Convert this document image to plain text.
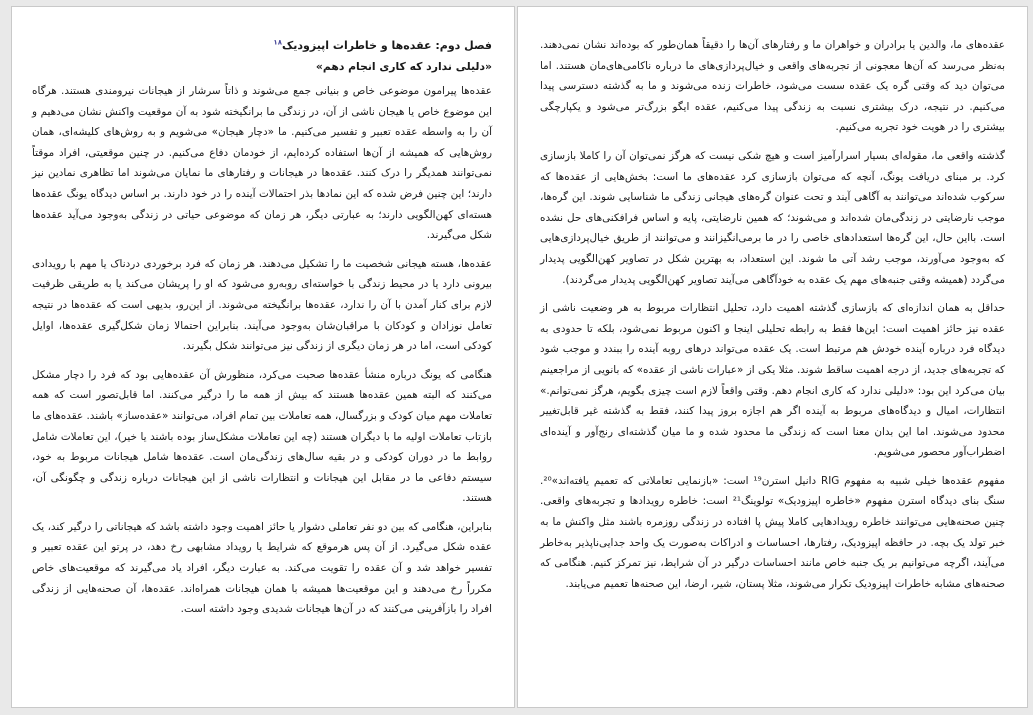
فصل دوم: عقده‌ها و خاطرات اپیزودیک$^{۱۸}$
«دلیلی ندارد که کاری انجام دهم»

عقده‌ها پیرامون موضوعی خاص و بنیانی جمع می‌شوند و ذاتاً سرشار از هیجانات نیرومندی هستند. هرگاه این موضوع خاص یا هیجان ناشی از آن، در زندگی ما برانگیخته شود به آن موقعیت واکنش نشان می‌دهیم و آن را به واسطه عقده تعبیر و تفسیر می‌کنیم. ما «دچار هیجان» می‌شویم و به روش‌های کلیشه‌ای، همان روش‌هایی که همیشه از آن‌ها استفاده کرده‌ایم، از خودمان دفاع می‌کنیم. در چنین موقعیتی، افراد موقتاً نمی‌توانند همدیگر را درک کنند. عقده‌ها در هیجانات و رفتارهای ما نمایان می‌شوند اما تظاهری نمادین نیز دارند؛ این چنین فرض شده که این نمادها بذر احتمالات آینده را در خود دارند. بر اساس دیدگاه یونگ عقده‌ها هسته‌ای کهن‌الگویی دارند؛ به عبارتی دیگر، هر زمان که موضوعی حیاتی در زندگی به‌وجود می‌آید عقده‌ها شکل می‌گیرند.

عقده‌ها، هسته هیجانی شخصیت ما را تشکیل می‌دهند. هر زمان که فرد برخوردی دردناک یا مهم با رویدادی بیرونی دارد یا در محیط زندگی با خواسته‌ای روبه‌رو می‌شود که او را پریشان می‌کند یا به طریقی ظرفیت لازم برای کنار آمدن با آن را ندارد، عقده‌ها برانگیخته می‌شوند. از این‌رو، بدیهی است که عقده‌ها در نتیجه تعامل نوزادان و کودکان با مراقبان‌شان به‌وجود می‌آیند. بنابراین احتمالا زمان شکل‌گیری عقده‌ها، اوایل کودکی است، اما در هر زمان دیگری از زندگی نیز می‌توانند شکل بگیرند.

هنگامی که یونگ درباره منشأ عقده‌ها صحبت می‌کرد، منظورش آن عقده‌هایی بود که فرد را دچار مشکل می‌کنند که البته همین عقده‌ها هستند که بیش از همه ما را درگیر می‌کنند. اما قابل‌تصور است که همه تعاملات مهم میان کودک و بزرگسال، همه تعاملات بین تمام افراد، می‌توانند «عقده‌ساز» باشند. عقده‌های ما بازتاب تعاملات اولیه ما با دیگران هستند (چه این تعاملات مشکل‌ساز بوده باشند یا خیر)، این تعاملات شامل روابط ما در دوران کودکی و در بقیه سال‌های زندگی‌مان است. عقده‌ها شامل هیجانات مربوط به خود، سیستم دفاعی ما در مقابل این هیجانات و انتظارات ناشی از این هیجانات درباره زندگی و چگونگی آن، هستند.

بنابراین، هنگامی که بین دو نفر تعاملی دشوار یا حائز اهمیت وجود داشته باشد که هیجاناتی را درگیر کند، یک عقده شکل می‌گیرد. از آن پس هرموقع که شرایط یا رویداد مشابهی رخ دهد، در پرتو این عقده تعبیر و تفسیر خواهد شد و آن عقده را تقویت می‌کند. به عبارت دیگر، افراد یاد می‌گیرند که موقعیت‌های خاص مکرراً رخ می‌دهند و این موقعیت‌ها همیشه با همان هیجانات همراه‌اند. عقده‌ها، آن صحنه‌هایی از زندگی افراد را بازآفرینی می‌کنند که در آن‌ها هیجانات شدیدی وجود داشته است.

عقده‌های ما، والدین یا برادران و خواهران ما و رفتارهای آن‌ها را دقیقاً همان‌طور که بوده‌اند نشان نمی‌دهند. به‌نظر می‌رسد که آن‌ها معجونی از تجربه‌های واقعی و خیال‌پردازی‌های ما درباره ناکامی‌های‌مان هستند. اما می‌توان دید که وقتی گره یک عقده سست می‌شود، خاطرات زنده می‌شوند و ما به گذشته دسترسی پیدا می‌کنیم. در نتیجه، درک بیشتری نسبت به زندگی پیدا می‌کنیم، عقده ایگو بزرگ‌تر می‌شود و یکپارچگی بیشتری را در هویت خود تجربه می‌کنیم.

گذشته واقعی ما، مقوله‌ای بسیار اسرارآمیز است و هیچ شکی نیست که هرگز نمی‌توان آن را کاملا بازسازی کرد. بر مبنای دریافت یونگ، آنچه که می‌توان بازسازی کرد عقده‌های ما است: بخش‌هایی از عقده‌ها که سرکوب شده‌اند می‌توانند به آگاهی آیند و تحت عنوان گره‌های هیجانی زندگی ما شناسایی شوند. این گره‌ها، موجب نارضایتی در زندگی‌مان شده‌اند و می‌شوند؛ که همین نارضایتی، پایه و اساس فرافکنی‌های حل نشده است. بااین حال، این گره‌ها استعدادهای خاصی را در ما برمی‌انگیزانند و می‌توانند از طریق خیال‌پردازی‌هایی که به‌وجود می‌آورند، موجب رشد آتی ما شوند. این استعداد، به بهترین شکل در تصاویر کهن‌الگویی پدیدار می‌گردد (همیشه وقتی جنبه‌های مهم یک عقده به خودآگاهی می‌آیند تصاویر کهن‌الگویی پدیدار می‌گردند).

حداقل به همان اندازه‌ای که بازسازی گذشته اهمیت دارد، تحلیل انتظارات مربوط به هر وضعیت ناشی از عقده نیز حائز اهمیت است: این‌ها فقط به رابطه تحلیلی اینجا و اکنون مربوط نمی‌شود، بلکه تا حدودی به دیدگاه فرد درباره آینده خودش هم مرتبط است. یک عقده می‌تواند درهای روبه آینده را ببندد و موجب شود که تجربه‌های جدید، از درجه اهمیت ساقط شوند. مثلا یکی از «عبارات ناشی از عقده» که بانویی از مراجعینم بیان می‌کرد این بود: «دلیلی ندارد که کاری انجام دهم. وقتی واقعاً لازم است چیزی بگویم، هرگز نمی‌توانم.» انتظارات، امیال و دیدگاه‌های مربوط به آینده اگر هم اجازه بروز پیدا کنند، فقط به گذشته غیر قابل‌تغییر محدود می‌شوند. اما این بدان معنا است که زندگی ما محدود شده و ما میان گذشته‌ای رنج‌آور و آینده‌ای اضطراب‌آور محصور می‌شویم.

مفهوم عقده‌ها خیلی شبیه به مفهوم RIG دانیل استرن¹⁹ است: «بازنمایی تعاملاتی که تعمیم یافته‌اند»²⁰. سنگ بنای دیدگاه استرن مفهوم «خاطره اپیزودیک» تولوینگ²¹ است: خاطره رویدادها و تجربه‌های واقعی. چنین صحنه‌هایی می‌توانند خاطره رویدادهایی کاملا پیش پا افتاده در زندگی روزمره باشند مثل واکنش ما به خبر تولد یک بچه. در حافظه اپیزودیک، رفتارها، احساسات و ادراکات به‌صورت یک واحد جدایی‌ناپذیر به‌خاطر می‌آیند، اگرچه می‌توانیم بر یک جنبه خاص مانند احساسات درگیر در آن شرایط، نیز تمرکز کنیم. هنگامی که صحنه‌های مشابه خاطرات اپیزودیک تکرار می‌شوند، مثلا پستان، شیر، ارضا، این صحنه‌ها تعمیم می‌یابند.
